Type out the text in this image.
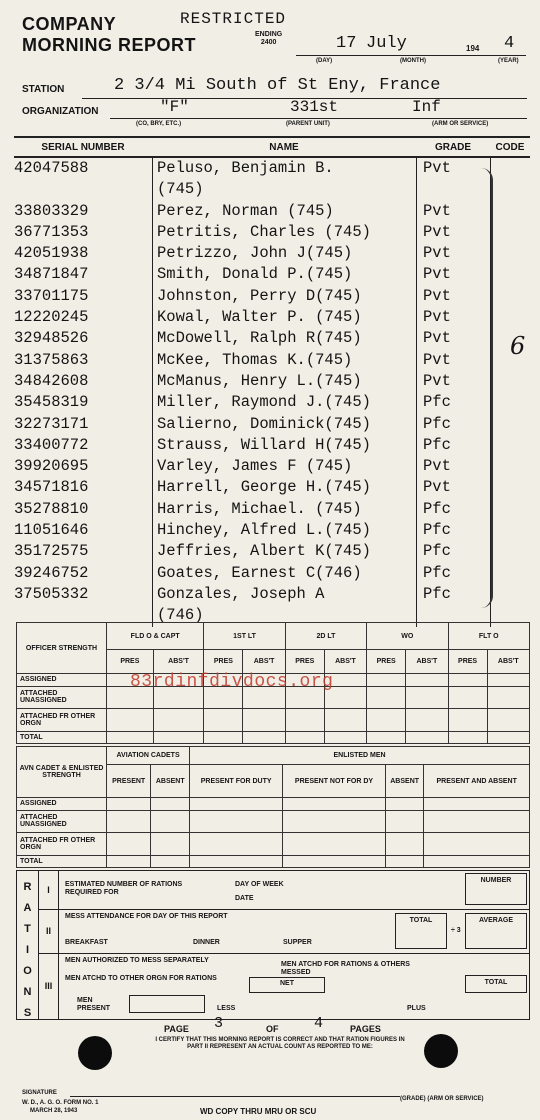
COMPANY
MORNING REPORT
RESTRICTED
ENDING
2400	17 July	194 4
(DAY)	(MONTH)	(YEAR)
STATION	2 3/4 Mi South of St Eny, France
ORGANIZATION	"F"	331st	Inf
(CO, BRY, ETC.)	(PARENT UNIT)	(ARM OR SERVICE)
SERIAL NUMBER	NAME	GRADE	CODE
42047588	Peluso, Benjamin B.	Pvt
(745)
33803329	Perez, Norman (745)	Pvt
36771353	Petritis, Charles (745)	Pvt
42051938	Petrizzo, John J(745)	Pvt
34871847	Smith, Donald P.(745)	Pvt
33701175	Johnston, Perry D(745)	Pvt
12220245	Kowal, Walter P. (745)	Pvt
32948526	McDowell, Ralph R(745)	Pvt
31375863	McKee, Thomas K.(745)	Pvt
34842608	McManus, Henry L.(745)	Pvt
35458319	Miller, Raymond J.(745)	Pfc
32273171	Salierno, Dominick(745)	Pfc
33400772	Strauss, Willard H(745)	Pfc
39920695	Varley, James F (745)	Pvt
34571816	Harrell, George H.(745)	Pvt
35278810	Harris, Michael. (745)	Pfc
11051646	Hinchey, Alfred L.(745)	Pfc
35172575	Jeffries, Albert K(745)	Pfc
39246752	Goates, Earnest C(746)	Pfc
37505332	Gonzales, Joseph A	Pfc
(746)
6
OFFICER STRENGTH	FLD O & CAPT		1ST LT		2D LT		WO		FLT O	
	PRES	ABS'T	PRES	ABS'T	PRES	ABS'T	PRES	ABS'T	PRES	ABS'T
ASSIGNED										
ATTACHED UNASSIGNED										
ATTACHED FR OTHER ORGN										
TOTAL										
83rdinfdivdocs.org
AVN CADET & ENLISTED STRENGTH	AVIATION CADETS		ENLISTED MEN			
	PRESENT	ABSENT	PRESENT FOR DUTY	PRESENT NOT FOR DY	ABSENT	PRESENT AND ABSENT
ASSIGNED						
ATTACHED UNASSIGNED						
ATTACHED FR OTHER ORGN						
TOTAL						
R
A
T
I
O
N
S
I
II
III
ESTIMATED NUMBER OF RATIONS REQUIRED FOR
DAY OF WEEK
DATE
NUMBER
MESS ATTENDANCE FOR DAY OF THIS REPORT
BREAKFAST	DINNER	SUPPER
TOTAL
÷ 3
AVERAGE
MEN AUTHORIZED TO MESS SEPARATELY
MEN ATCHD TO OTHER ORGN FOR RATIONS
MEN ATCHD FOR RATIONS & OTHERS MESSED
NET	TOTAL
MEN PRESENT	LESS	PLUS
PAGE 3	OF 4	PAGES
I CERTIFY THAT THIS MORNING REPORT IS CORRECT AND THAT RATION FIGURES IN PART II REPRESENT AN ACTUAL COUNT AS REPORTED TO ME:
SIGNATURE
W. D., A. G. O. FORM NO. 1
MARCH 28, 1943	WD COPY THRU MRU OR SCU
(GRADE) (ARM OR SERVICE)
